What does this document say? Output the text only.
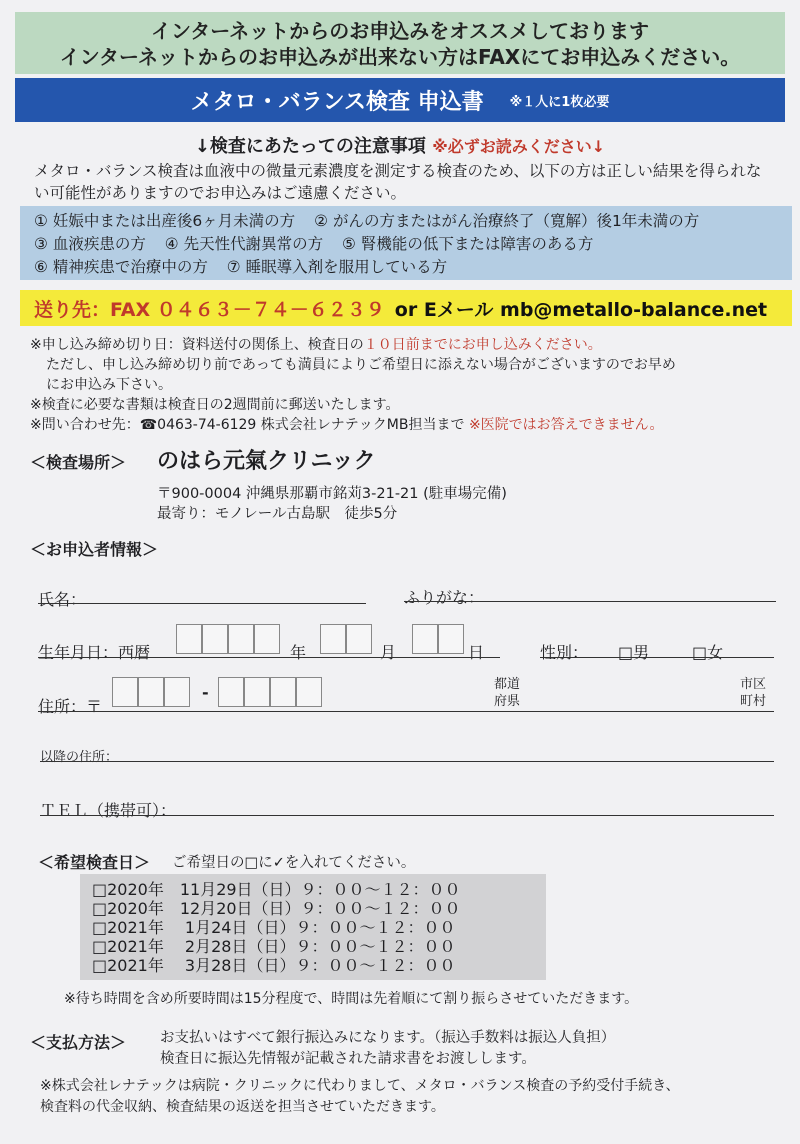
インターネットからのお申込みをオススメしております
インターネットからのお申込みが出来ない方はFAXにてお申込みください。
メタロ・バランス検査 申込書 ※１人に1枚必要
↓検査にあたっての注意事項 ※必ずお読みください↓
メタロ・バランス検査は血液中の微量元素濃度を測定する検査のため、以下の方は正しい結果を得られない可能性がありますのでお申込みはご遠慮ください。
① 妊娠中または出産後6ヶ月未満の方 ② がんの方またはがん治療終了（寛解）後1年未満の方
③ 血液疾患の方 ④ 先天性代謝異常の方 ⑤ 腎機能の低下または障害のある方
⑥ 精神疾患で治療中の方 ⑦ 睡眠導入剤を服用している方
送り先：FAX ０４６３－７４－６２３９ or Eメール mb@metallo-balance.net
※申し込み締め切り日：資料送付の関係上、検査日の１０日前までにお申し込みください。
ただし、申し込み締め切り前であっても満員によりご希望日に添えない場合がございますのでお早め
にお申込み下さい。
※検査に必要な書類は検査日の2週間前に郵送いたします。
※問い合わせ先：☎0463-74-6129 株式会社レナテックMB担当まで ※医院ではお答えできません。
＜検査場所＞ のはら元氣クリニック
〒900-0004 沖縄県那覇市銘苅3-21-21 (駐車場完備)
最寄り：モノレール古島駅　徒歩5分
＜お申込者情報＞
氏名：	ふりがな：
生年月日：西暦	年	月	日	性別： □男	□女
住所：〒
-	都道
府県
市区
町村
以降の住所：
ＴＥＬ（携帯可）：
＜希望検査日＞ ご希望日の□に✓を入れてください。
□2020年　11月29日（日）９：００～１２：００
□2020年　12月20日（日）９：００～１２：００
□2021年　 1月24日（日）９：００～１２：００
□2021年　 2月28日（日）９：００～１２：００
□2021年　 3月28日（日）９：００～１２：００
※待ち時間を含め所要時間は15分程度で、時間は先着順にて割り振らさせていただきます。
＜支払方法＞ お支払いはすべて銀行振込みになります。（振込手数料は振込人負担）
検査日に振込先情報が記載された請求書をお渡しします。
※株式会社レナテックは病院・クリニックに代わりまして、メタロ・バランス検査の予約受付手続き、
検査料の代金収納、検査結果の返送を担当させていただきます。
